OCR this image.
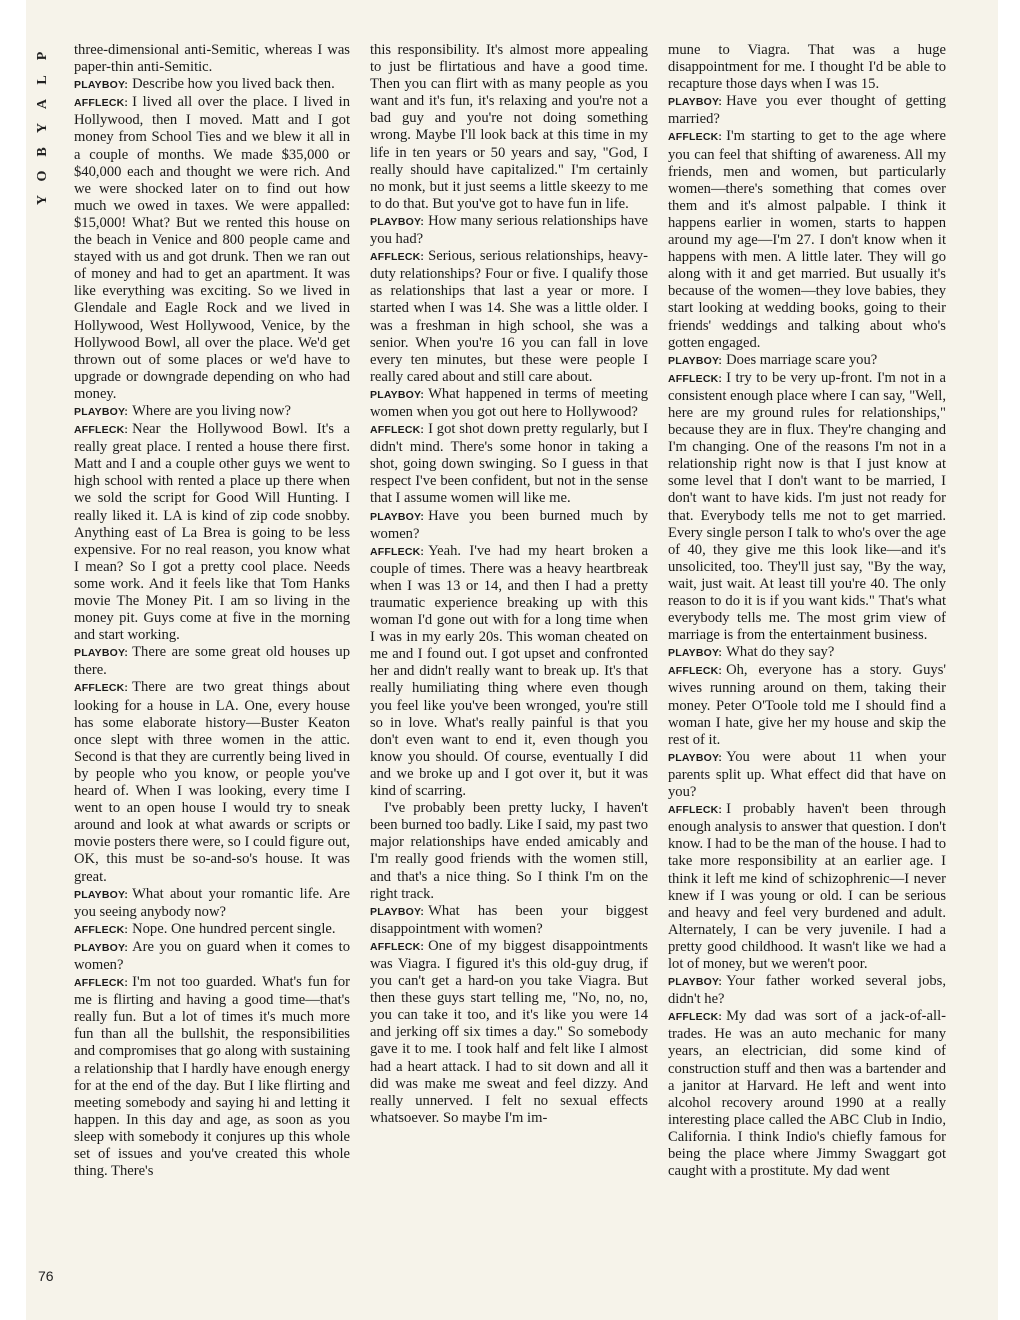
P
L
A
Y
B
O
Y
76

three-dimensional anti-Semitic, whereas I was paper-thin anti-Semitic.

PLAYBOY: Describe how you lived back then.

AFFLECK: I lived all over the place. I lived in Hollywood, then I moved. Matt and I got money from School Ties and we blew it all in a couple of months. We made $35,000 or $40,000 each and thought we were rich. And we were shocked later on to find out how much we owed in taxes. We were appalled: $15,000! What? But we rented this house on the beach in Venice and 800 people came and stayed with us and got drunk. Then we ran out of money and had to get an apartment. It was like everything was exciting. So we lived in Glendale and Eagle Rock and we lived in Hollywood, West Hollywood, Venice, by the Hollywood Bowl, all over the place. We'd get thrown out of some places or we'd have to upgrade or downgrade depending on who had money.

PLAYBOY: Where are you living now?

AFFLECK: Near the Hollywood Bowl. It's a really great place. I rented a house there first. Matt and I and a couple other guys we went to high school with rented a place up there when we sold the script for Good Will Hunting. I really liked it. LA is kind of zip code snobby. Anything east of La Brea is going to be less expensive. For no real reason, you know what I mean? So I got a pretty cool place. Needs some work. And it feels like that Tom Hanks movie The Money Pit. I am so living in the money pit. Guys come at five in the morning and start working.

PLAYBOY: There are some great old houses up there.

AFFLECK: There are two great things about looking for a house in LA. One, every house has some elaborate history—Buster Keaton once slept with three women in the attic. Second is that they are currently being lived in by people who you know, or people you've heard of. When I was looking, every time I went to an open house I would try to sneak around and look at what awards or scripts or movie posters there were, so I could figure out, OK, this must be so-and-so's house. It was great.

PLAYBOY: What about your romantic life. Are you seeing anybody now?

AFFLECK: Nope. One hundred percent single.

PLAYBOY: Are you on guard when it comes to women?

AFFLECK: I'm not too guarded. What's fun for me is flirting and having a good time—that's really fun. But a lot of times it's much more fun than all the bullshit, the responsibilities and compromises that go along with sustaining a relationship that I hardly have enough energy for at the end of the day. But I like flirting and meeting somebody and saying hi and letting it happen. In this day and age, as soon as you sleep with somebody it conjures up this whole set of issues and you've created this whole thing. There's

this responsibility. It's almost more appealing to just be flirtatious and have a good time. Then you can flirt with as many people as you want and it's fun, it's relaxing and you're not a bad guy and you're not doing something wrong. Maybe I'll look back at this time in my life in ten years or 50 years and say, "God, I really should have capitalized." I'm certainly no monk, but it just seems a little skeezy to me to do that. But you've got to have fun in life.

PLAYBOY: How many serious relationships have you had?

AFFLECK: Serious, serious relationships, heavy-duty relationships? Four or five. I qualify those as relationships that last a year or more. I started when I was 14. She was a little older. I was a freshman in high school, she was a senior. When you're 16 you can fall in love every ten minutes, but these were people I really cared about and still care about.

PLAYBOY: What happened in terms of meeting women when you got out here to Hollywood?

AFFLECK: I got shot down pretty regularly, but I didn't mind. There's some honor in taking a shot, going down swinging. So I guess in that respect I've been confident, but not in the sense that I assume women will like me.

PLAYBOY: Have you been burned much by women?

AFFLECK: Yeah. I've had my heart broken a couple of times. There was a heavy heartbreak when I was 13 or 14, and then I had a pretty traumatic experience breaking up with this woman I'd gone out with for a long time when I was in my early 20s. This woman cheated on me and I found out. I got upset and confronted her and didn't really want to break up. It's that really humiliating thing where even though you feel like you've been wronged, you're still so in love. What's really painful is that you don't even want to end it, even though you know you should. Of course, eventually I did and we broke up and I got over it, but it was kind of scarring.

I've probably been pretty lucky, I haven't been burned too badly. Like I said, my past two major relationships have ended amicably and I'm really good friends with the women still, and that's a nice thing. So I think I'm on the right track.

PLAYBOY: What has been your biggest disappointment with women?

AFFLECK: One of my biggest disappointments was Viagra. I figured it's this old-guy drug, if you can't get a hard-on you take Viagra. But then these guys start telling me, "No, no, no, you can take it too, and it's like you were 14 and jerking off six times a day." So somebody gave it to me. I took half and felt like I almost had a heart attack. I had to sit down and all it did was make me sweat and feel dizzy. And really unnerved. I felt no sexual effects whatsoever. So maybe I'm im-

mune to Viagra. That was a huge disappointment for me. I thought I'd be able to recapture those days when I was 15.

PLAYBOY: Have you ever thought of getting married?

AFFLECK: I'm starting to get to the age where you can feel that shifting of awareness. All my friends, men and women, but particularly women—there's something that comes over them and it's almost palpable. I think it happens earlier in women, starts to happen around my age—I'm 27. I don't know when it happens with men. A little later. They will go along with it and get married. But usually it's because of the women—they love babies, they start looking at wedding books, going to their friends' weddings and talking about who's gotten engaged.

PLAYBOY: Does marriage scare you?

AFFLECK: I try to be very up-front. I'm not in a consistent enough place where I can say, "Well, here are my ground rules for relationships," because they are in flux. They're changing and I'm changing. One of the reasons I'm not in a relationship right now is that I just know at some level that I don't want to be married, I don't want to have kids. I'm just not ready for that. Everybody tells me not to get married. Every single person I talk to who's over the age of 40, they give me this look like—and it's unsolicited, too. They'll just say, "By the way, wait, just wait. At least till you're 40. The only reason to do it is if you want kids." That's what everybody tells me. The most grim view of marriage is from the entertainment business.

PLAYBOY: What do they say?

AFFLECK: Oh, everyone has a story. Guys' wives running around on them, taking their money. Peter O'Toole told me I should find a woman I hate, give her my house and skip the rest of it.

PLAYBOY: You were about 11 when your parents split up. What effect did that have on you?

AFFLECK: I probably haven't been through enough analysis to answer that question. I don't know. I had to be the man of the house. I had to take more responsibility at an earlier age. I think it left me kind of schizophrenic—I never knew if I was young or old. I can be serious and heavy and feel very burdened and adult. Alternately, I can be very juvenile. I had a pretty good childhood. It wasn't like we had a lot of money, but we weren't poor.

PLAYBOY: Your father worked several jobs, didn't he?

AFFLECK: My dad was sort of a jack-of-all-trades. He was an auto mechanic for many years, an electrician, did some kind of construction stuff and then was a bartender and a janitor at Harvard. He left and went into alcohol recovery around 1990 at a really interesting place called the ABC Club in Indio, California. I think Indio's chiefly famous for being the place where Jimmy Swaggart got caught with a prostitute. My dad went
